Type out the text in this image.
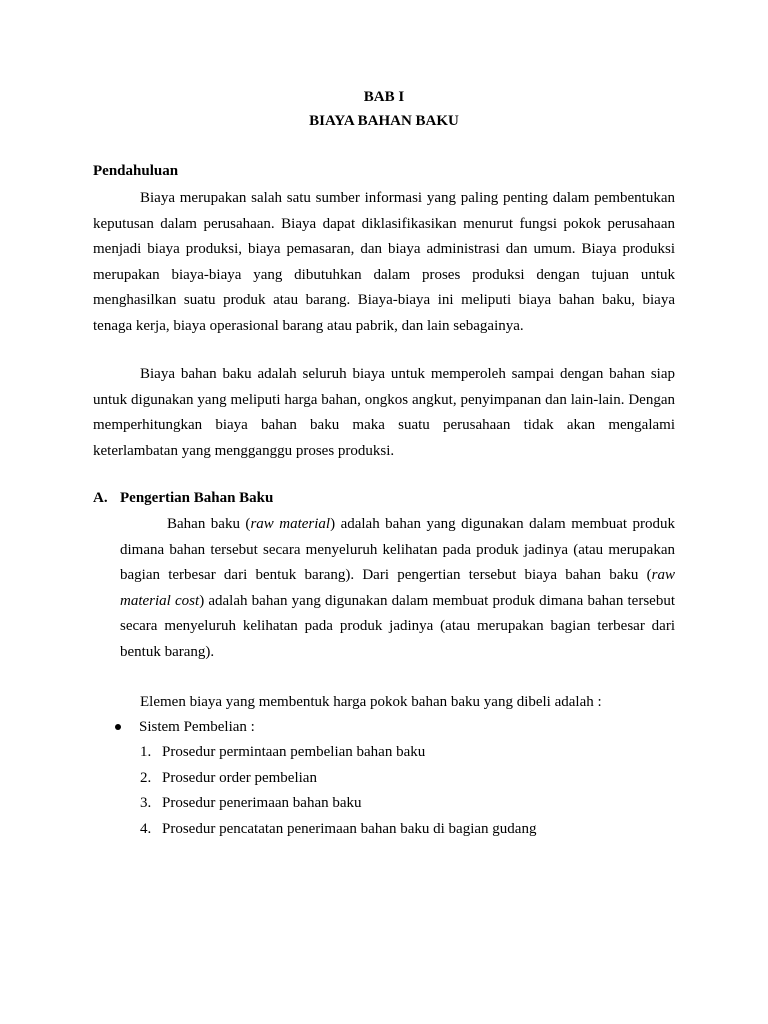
BAB I

BIAYA BAHAN BAKU

Pendahuluan

Biaya merupakan salah satu sumber informasi yang paling penting dalam pembentukan keputusan dalam perusahaan. Biaya dapat diklasifikasikan menurut fungsi pokok perusahaan menjadi biaya produksi, biaya pemasaran, dan biaya administrasi dan umum. Biaya produksi merupakan biaya-biaya yang dibutuhkan dalam proses produksi dengan tujuan untuk menghasilkan suatu produk atau barang. Biaya-biaya ini meliputi biaya bahan baku, biaya tenaga kerja, biaya operasional barang atau pabrik, dan lain sebagainya.

Biaya bahan baku adalah seluruh biaya untuk memperoleh sampai dengan bahan siap untuk digunakan yang meliputi harga bahan, ongkos angkut, penyimpanan dan lain-lain. Dengan memperhitungkan biaya bahan baku maka suatu perusahaan tidak akan mengalami keterlambatan yang mengganggu proses produksi.

A. Pengertian Bahan Baku

Bahan baku (raw material) adalah bahan yang digunakan dalam membuat produk dimana bahan tersebut secara menyeluruh kelihatan pada produk jadinya (atau merupakan bagian terbesar dari bentuk barang). Dari pengertian tersebut biaya bahan baku (raw material cost) adalah bahan yang digunakan dalam membuat produk dimana bahan tersebut secara menyeluruh kelihatan pada produk jadinya (atau merupakan bagian terbesar dari bentuk barang).

Elemen biaya yang membentuk harga pokok bahan baku yang dibeli adalah :

Sistem Pembelian :
1. Prosedur permintaan pembelian bahan baku
2. Prosedur order pembelian
3. Prosedur penerimaan bahan baku
4. Prosedur pencatatan penerimaan bahan baku di bagian gudang
